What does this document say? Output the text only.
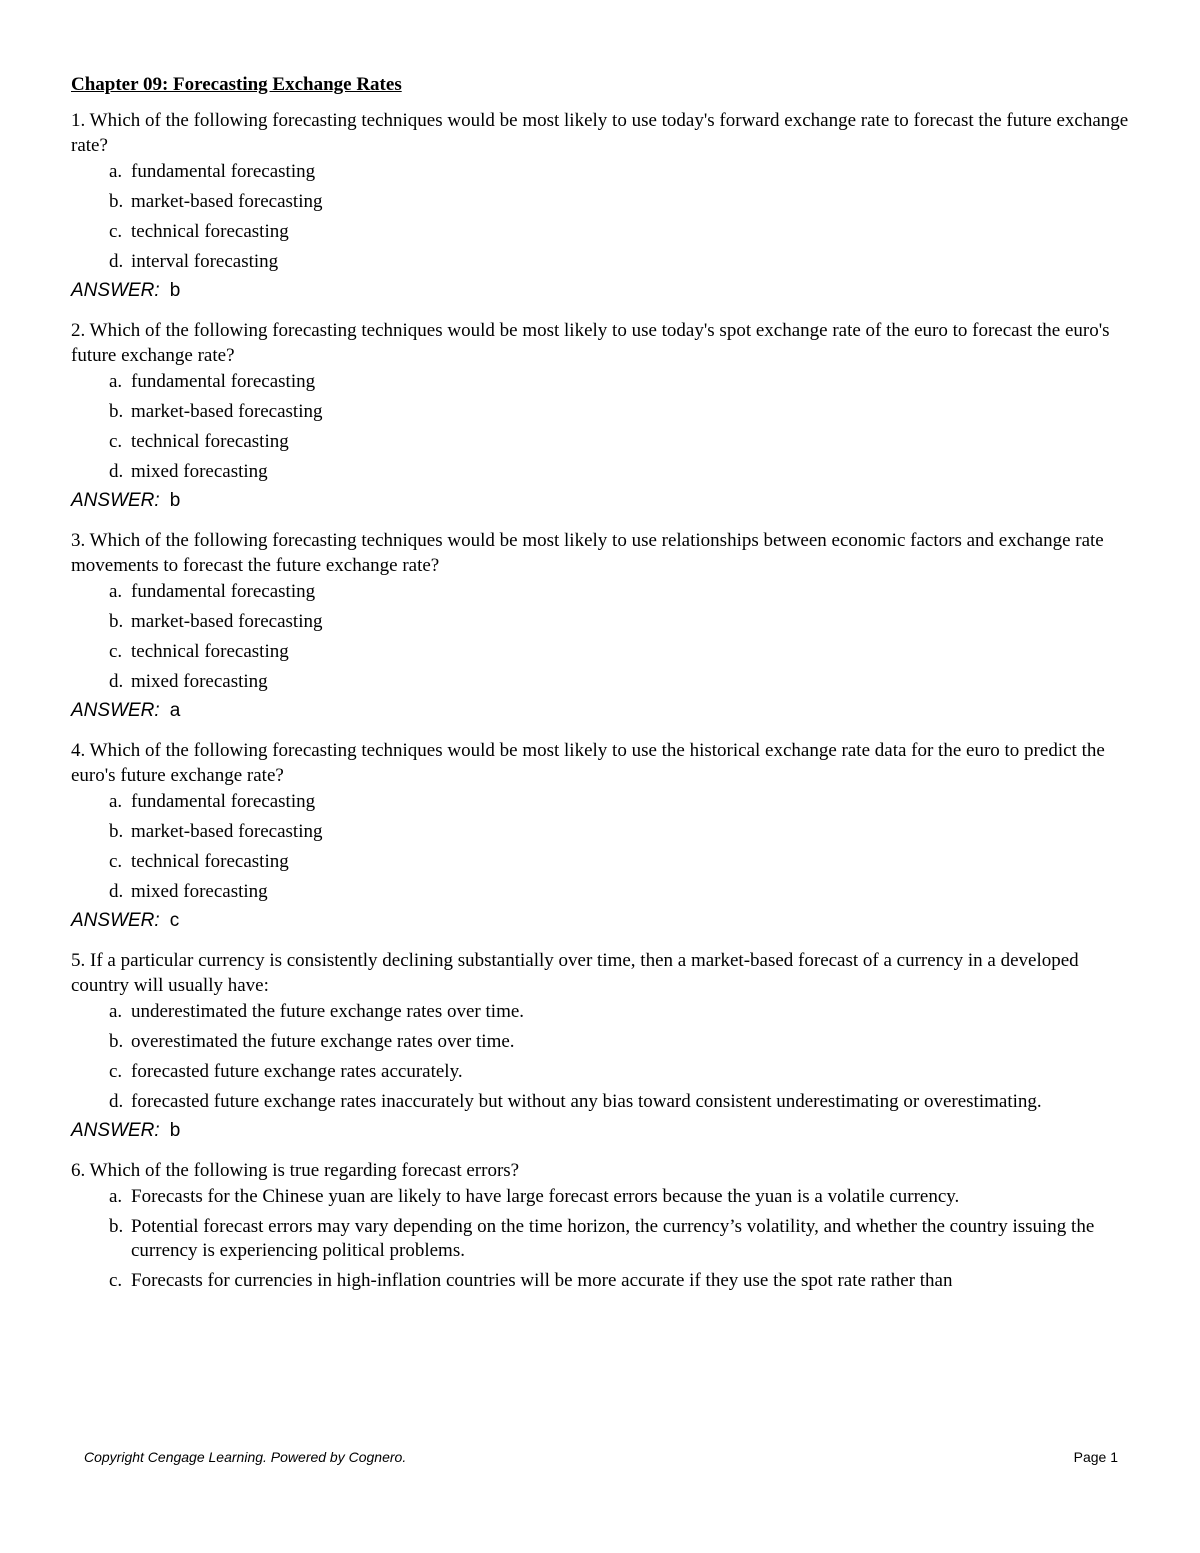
Chapter 09: Forecasting Exchange Rates

1. Which of the following forecasting techniques would be most likely to use today's forward exchange rate to forecast the future exchange rate?

a. fundamental forecasting
b. market-based forecasting
c. technical forecasting
d. interval forecasting
ANSWER: b

2. Which of the following forecasting techniques would be most likely to use today's spot exchange rate of the euro to forecast the euro's future exchange rate?

a. fundamental forecasting
b. market-based forecasting
c. technical forecasting
d. mixed forecasting
ANSWER: b

3. Which of the following forecasting techniques would be most likely to use relationships between economic factors and exchange rate movements to forecast the future exchange rate?

a. fundamental forecasting
b. market-based forecasting
c. technical forecasting
d. mixed forecasting
ANSWER: a

4. Which of the following forecasting techniques would be most likely to use the historical exchange rate data for the euro to predict the euro's future exchange rate?

a. fundamental forecasting
b. market-based forecasting
c. technical forecasting
d. mixed forecasting
ANSWER: c

5. If a particular currency is consistently declining substantially over time, then a market-based forecast of a currency in a developed country will usually have:

a. underestimated the future exchange rates over time.
b. overestimated the future exchange rates over time.
c. forecasted future exchange rates accurately.
d. forecasted future exchange rates inaccurately but without any bias toward consistent underestimating or overestimating.
ANSWER: b

6. Which of the following is true regarding forecast errors?

a. Forecasts for the Chinese yuan are likely to have large forecast errors because the yuan is a volatile currency.
b. Potential forecast errors may vary depending on the time horizon, the currency’s volatility, and whether the country issuing the currency is experiencing political problems.
c. Forecasts for currencies in high-inflation countries will be more accurate if they use the spot rate rather than
Copyright Cengage Learning. Powered by Cognero.	Page 1
